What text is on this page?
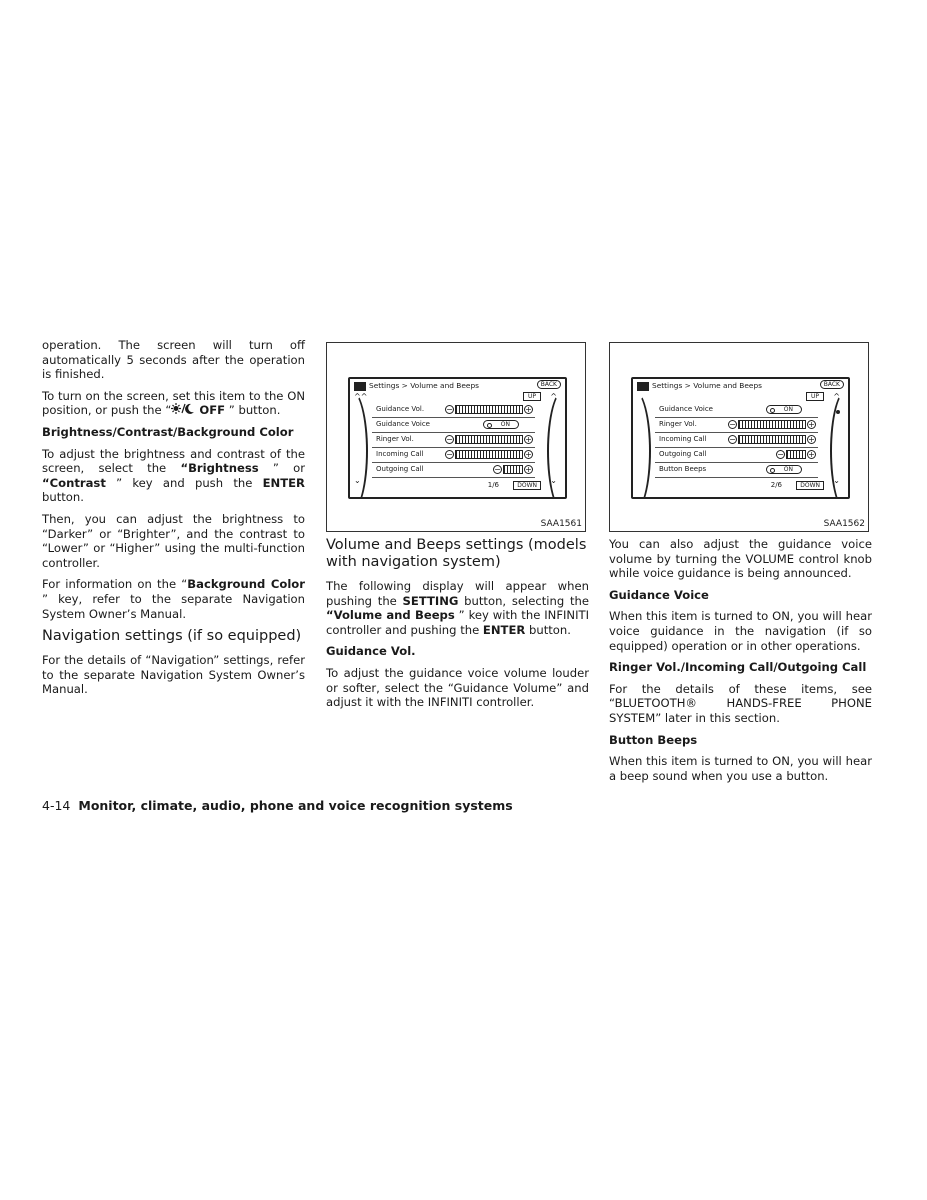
operation. The screen will turn off automatically 5 seconds after the operation is finished.

To turn on the screen, set this item to the ON position, or push the “ OFF ” button.

Brightness/Contrast/Background Color

To adjust the brightness and contrast of the screen, select the “Brightness ” or “Contrast ” key and push the ENTER button.

Then, you can adjust the brightness to “Darker” or “Brighter”, and the contrast to “Lower” or “Higher” using the multi-function controller.

For information on the “Background Color ” key, refer to the separate Navigation System Owner’s Manual.

Navigation settings (if so equipped)

For the details of “Navigation” settings, refer to the separate Navigation System Owner’s Manual.

Settings > Volume and Beeps	BACK
UP
^^	^
⌄	⌄
Guidance Vol.	−	+
Guidance Voice	ON
Ringer Vol.	−	+
Incoming Call	−	+
Outgoing Call	−	+
1/6	DOWN
SAA1561
Settings > Volume and Beeps	BACK
UP	^
⌄
Guidance Voice	ON
Ringer Vol.	−	+
Incoming Call	−	+
Outgoing Call	−	+
Button Beeps	ON
2/6	DOWN
SAA1562
Volume and Beeps settings (models with navigation system)

The following display will appear when pushing the SETTING button, selecting the “Volume and Beeps ” key with the INFINITI controller and pushing the ENTER button.

Guidance Vol.

To adjust the guidance voice volume louder or softer, select the “Guidance Volume” and adjust it with the INFINITI controller.

You can also adjust the guidance voice volume by turning the VOLUME control knob while voice guidance is being announced.

Guidance Voice

When this item is turned to ON, you will hear voice guidance in the navigation (if so equipped) operation or in other operations.

Ringer Vol./Incoming Call/Outgoing Call

For the details of these items, see “BLUETOOTH® HANDS-FREE PHONE SYSTEM” later in this section.

Button Beeps

When this item is turned to ON, you will hear a beep sound when you use a button.

4-14 Monitor, climate, audio, phone and voice recognition systems
